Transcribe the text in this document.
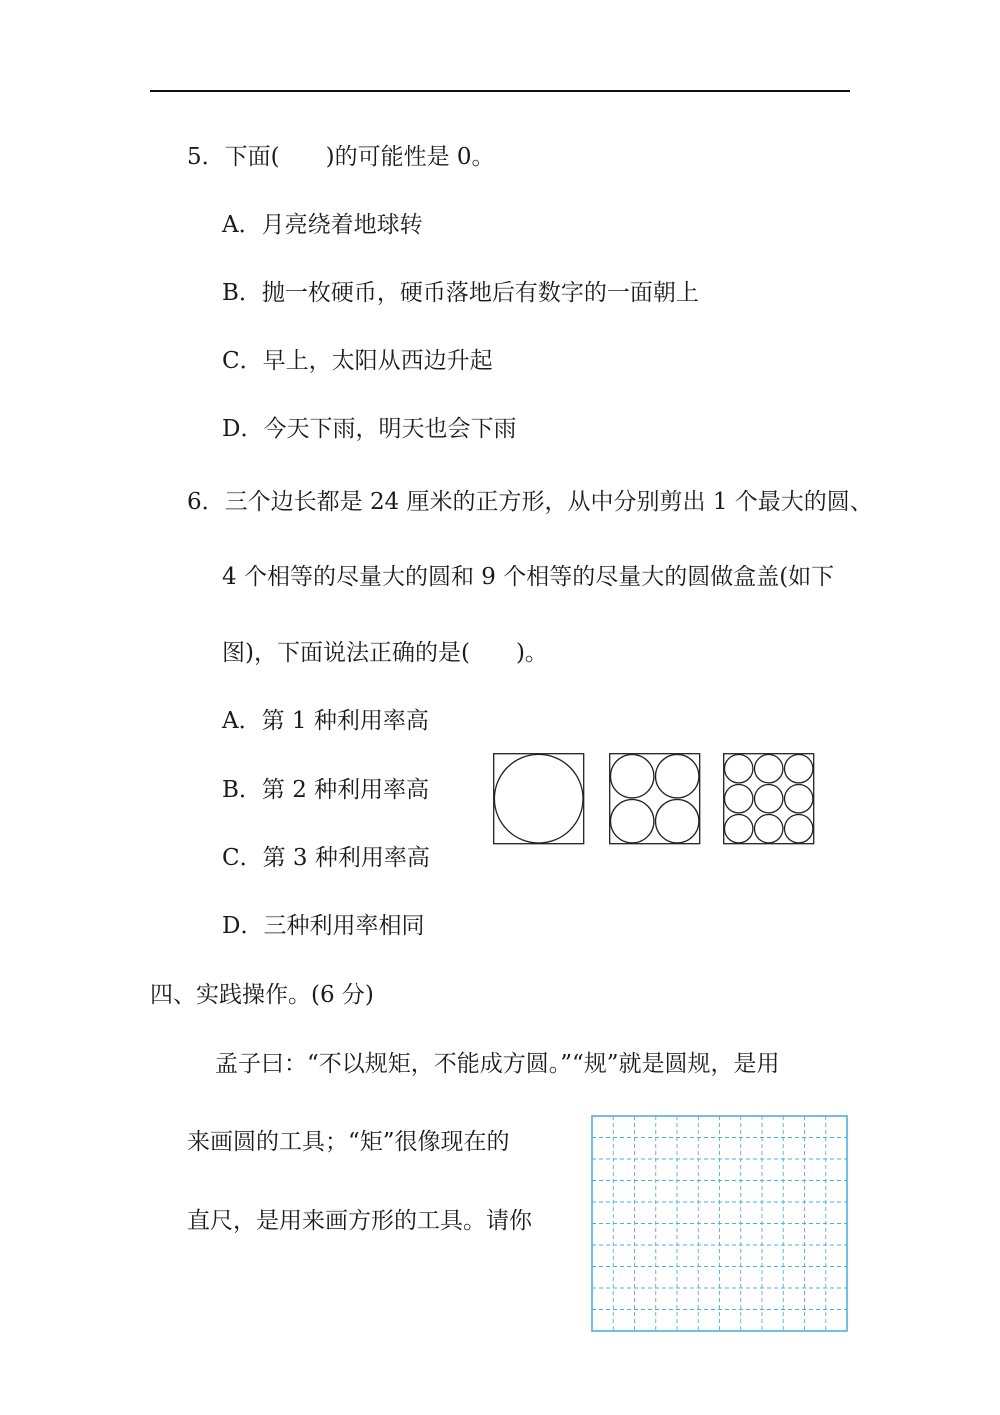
5．下面(　　)的可能性是 0。
A．月亮绕着地球转
B．抛一枚硬币，硬币落地后有数字的一面朝上
C．早上，太阳从西边升起
D．今天下雨，明天也会下雨
6．三个边长都是 24 厘米的正方形，从中分别剪出 1 个最大的圆、
4 个相等的尽量大的圆和 9 个相等的尽量大的圆做盒盖(如下
图)，下面说法正确的是(　　)。
A．第 1 种利用率高
B．第 2 种利用率高
C．第 3 种利用率高
D．三种利用率相同
四、实践操作。(6 分)
孟子曰：“不以规矩，不能成方圆。”“规”就是圆规，是用
来画圆的工具；“矩”很像现在的
直尺，是用来画方形的工具。请你
